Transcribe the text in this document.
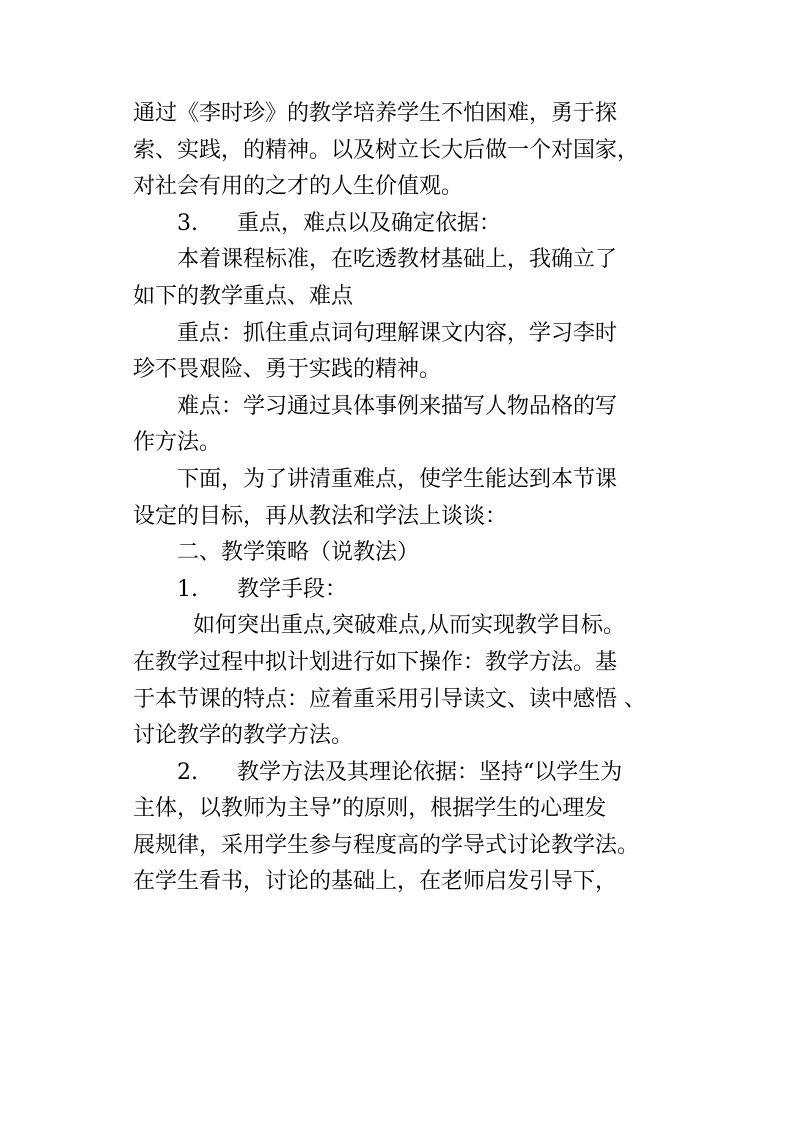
通过《李时珍》的教学培养学生不怕困难，勇于探
索、实践，的精神。以及树立长大后做一个对国家，
对社会有用的之才的人生价值观。

3. 重点，难点以及确定依据：

本着课程标准，在吃透教材基础上，我确立了
如下的教学重点、难点

重点：抓住重点词句理解课文内容，学习李时
珍不畏艰险、勇于实践的精神。

难点：学习通过具体事例来描写人物品格的写
作方法。

下面，为了讲清重难点，使学生能达到本节课
设定的目标，再从教法和学法上谈谈：

二、教学策略（说教法）

1. 教学手段：

如何突出重点,突破难点,从而实现教学目标。
在教学过程中拟计划进行如下操作：教学方法。基
于本节课的特点：应着重采用引导读文、读中感悟 、
讨论教学的教学方法。

2. 教学方法及其理论依据：坚持“以学生为
主体，以教师为主导”的原则，根据学生的心理发
展规律，采用学生参与程度高的学导式讨论教学法。
在学生看书，讨论的基础上，在老师启发引导下，
